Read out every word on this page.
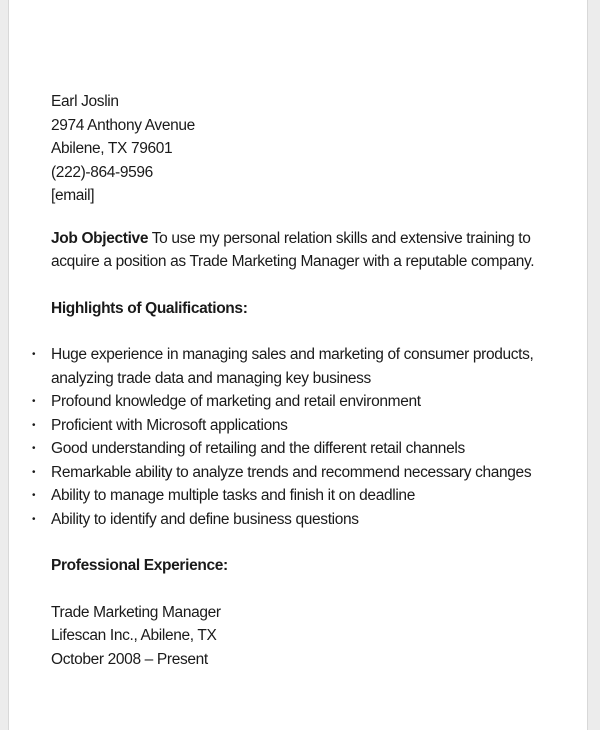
Earl Joslin
2974 Anthony Avenue
Abilene, TX 79601
(222)-864-9596
[email]
Job Objective To use my personal relation skills and extensive training to acquire a position as Trade Marketing Manager with a reputable company.
Highlights of Qualifications:
• Huge experience in managing sales and marketing of consumer products, analyzing trade data and managing key business
• Profound knowledge of marketing and retail environment
• Proficient with Microsoft applications
• Good understanding of retailing and the different retail channels
• Remarkable ability to analyze trends and recommend necessary changes
• Ability to manage multiple tasks and finish it on deadline
• Ability to identify and define business questions
Professional Experience:
Trade Marketing Manager
Lifescan Inc., Abilene, TX
October 2008 – Present
